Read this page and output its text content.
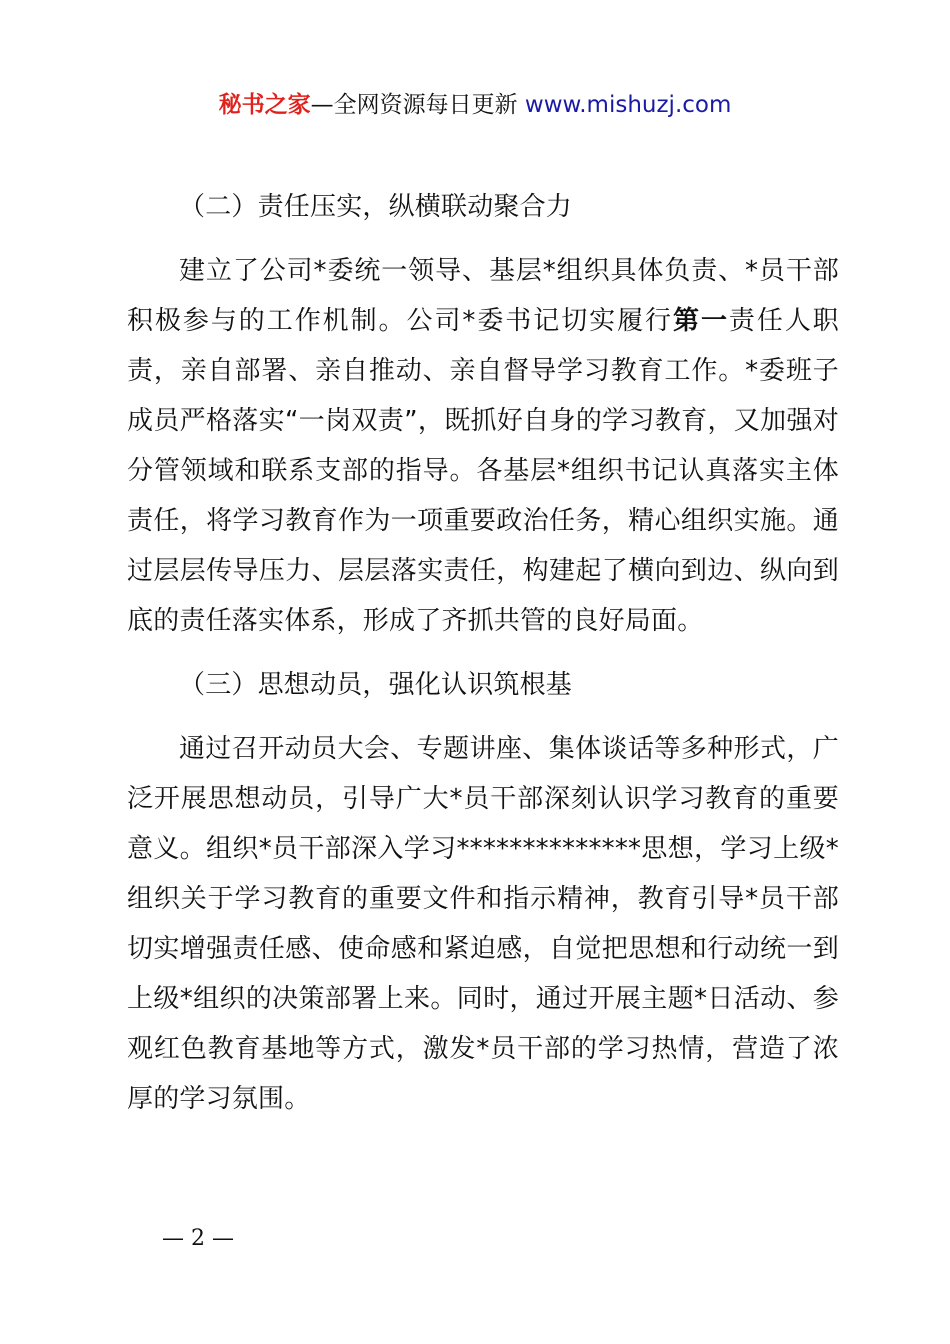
秘书之家—全网资源每日更新 www.mishuzj.com
（二）责任压实，纵横联动聚合力

建立了公司*委统一领导、基层*组织具体负责、*员干部积极参与的工作机制。公司*委书记切实履行第一责任人职责，亲自部署、亲自推动、亲自督导学习教育工作。*委班子成员严格落实“一岗双责”，既抓好自身的学习教育，又加强对分管领域和联系支部的指导。各基层*组织书记认真落实主体责任，将学习教育作为一项重要政治任务，精心组织实施。通过层层传导压力、层层落实责任，构建起了横向到边、纵向到底的责任落实体系，形成了齐抓共管的良好局面。

（三）思想动员，强化认识筑根基

通过召开动员大会、专题讲座、集体谈话等多种形式，广泛开展思想动员，引导广大*员干部深刻认识学习教育的重要意义。组织*员干部深入学习**************思想，学习上级*组织关于学习教育的重要文件和指示精神，教育引导*员干部切实增强责任感、使命感和紧迫感，自觉把思想和行动统一到上级*组织的决策部署上来。同时，通过开展主题*日活动、参观红色教育基地等方式，激发*员干部的学习热情，营造了浓厚的学习氛围。

— 2 —
